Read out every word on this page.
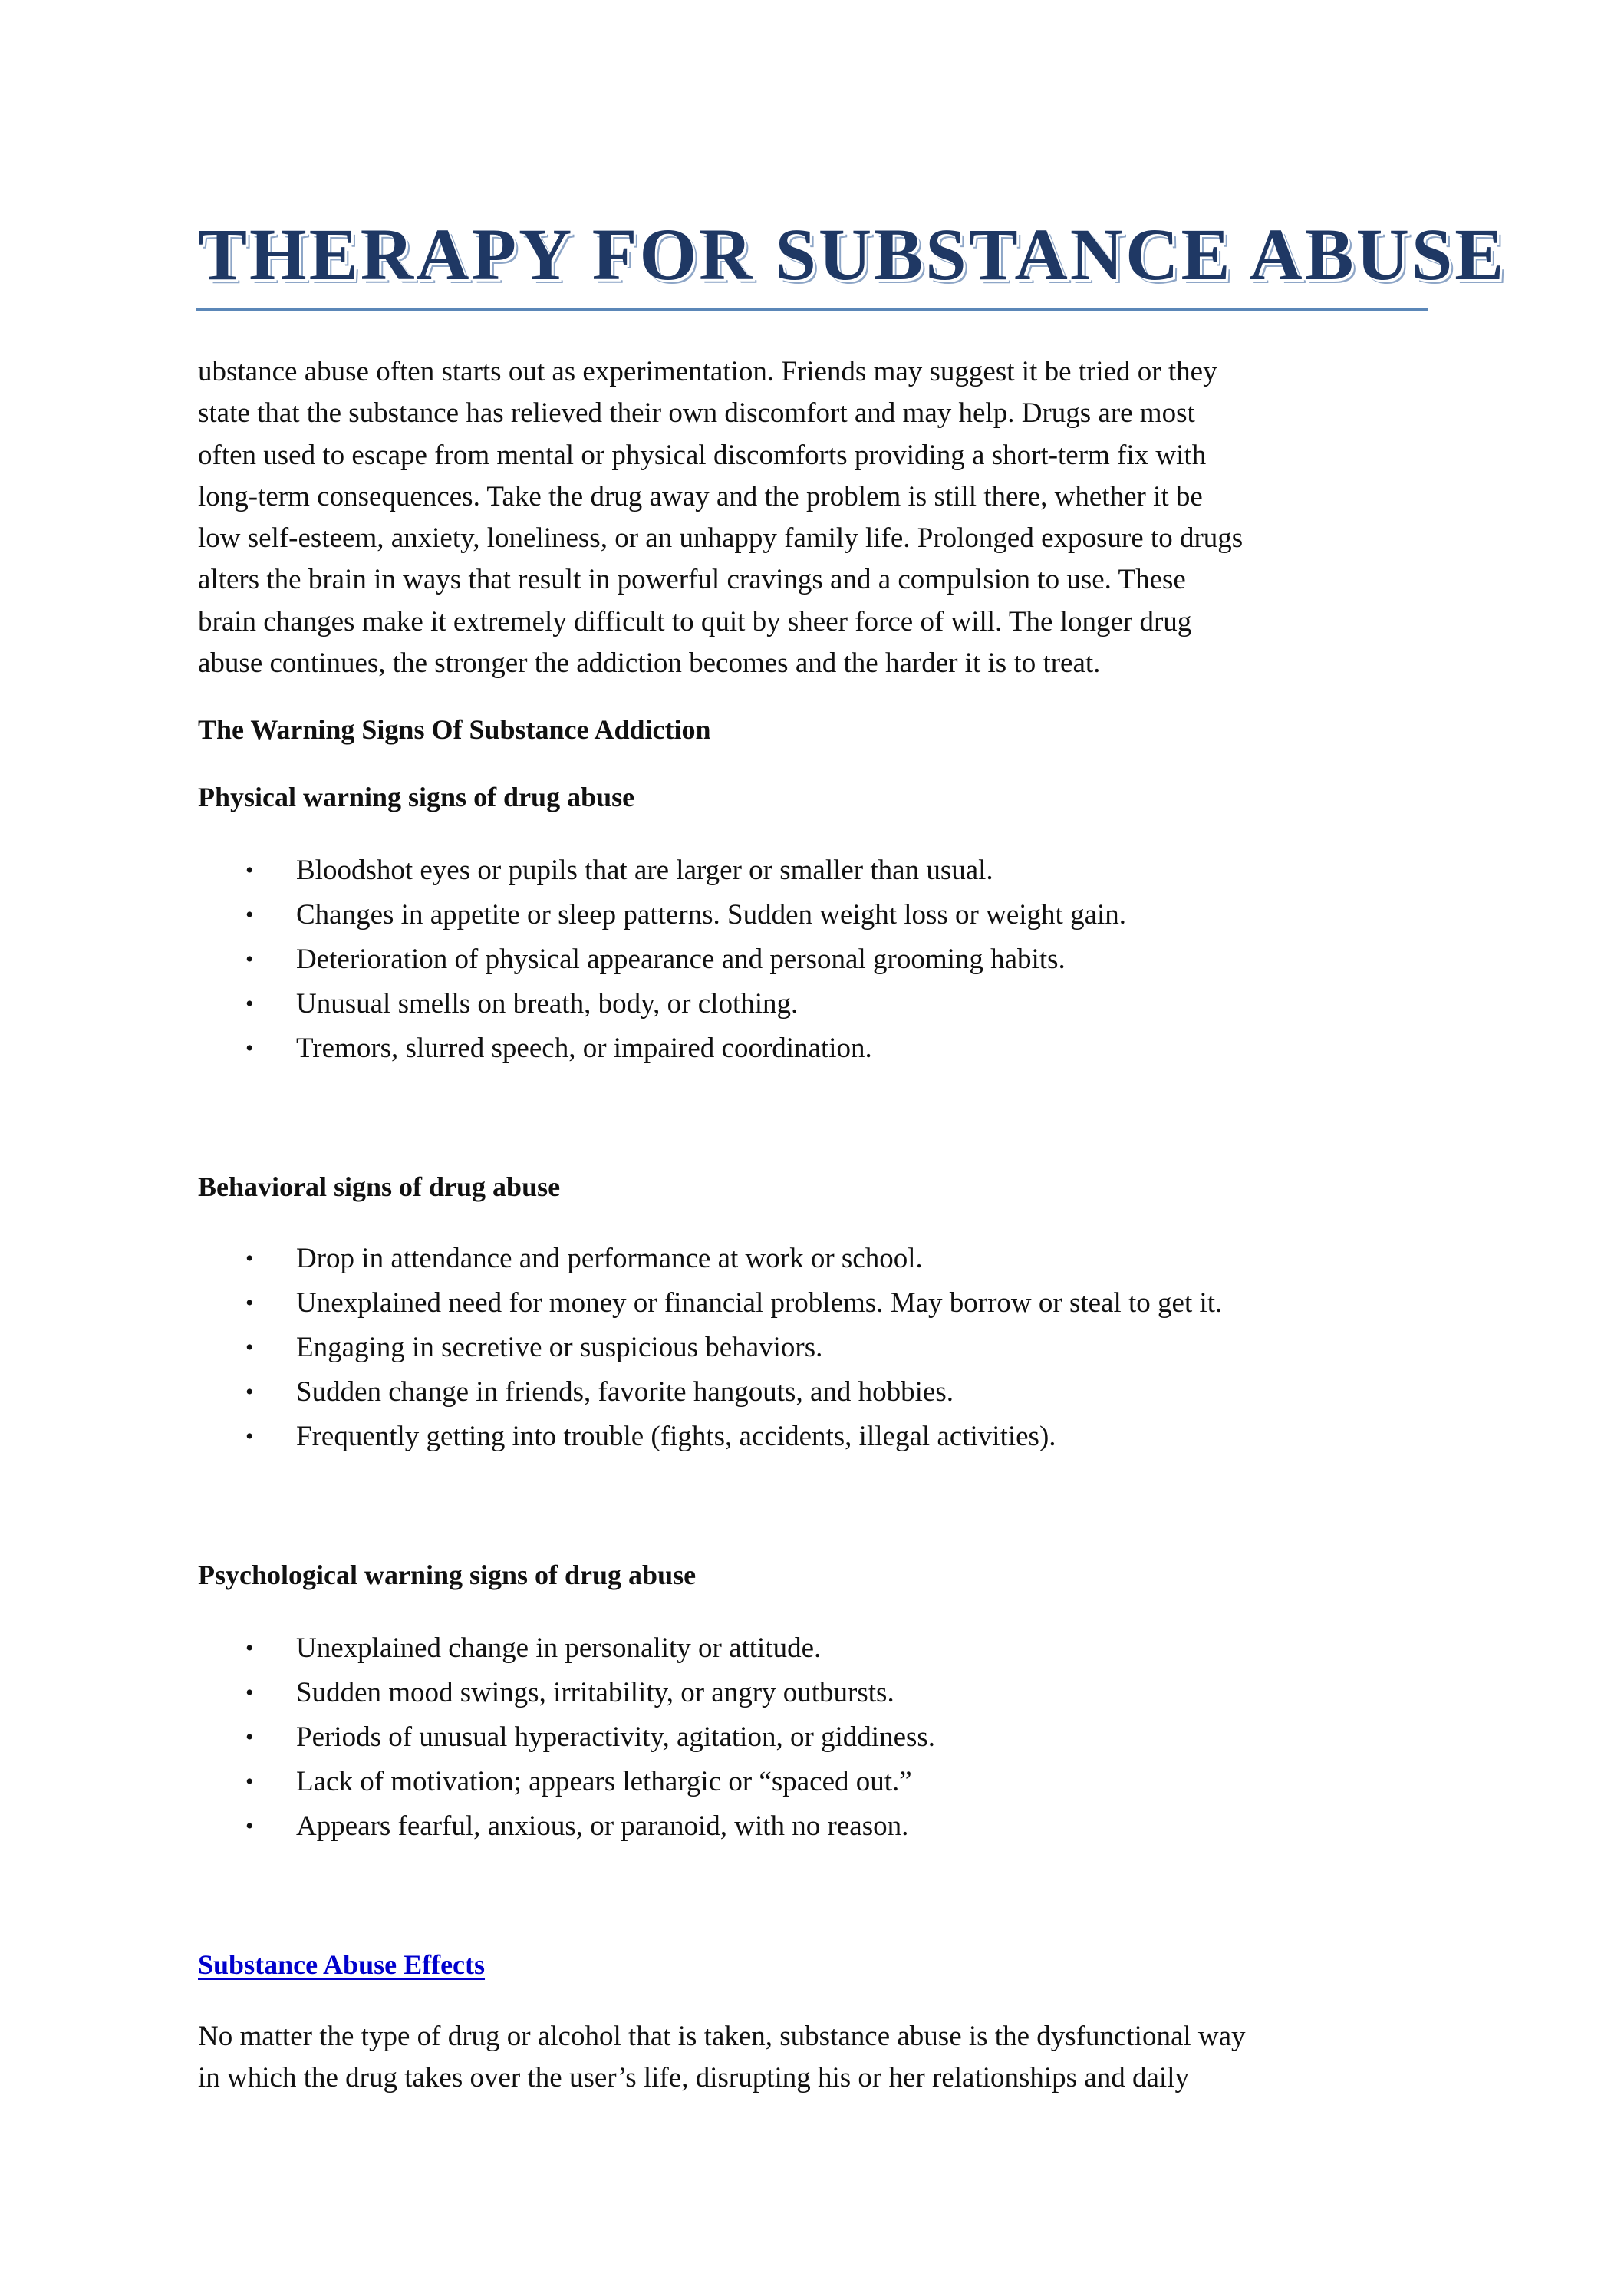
THERAPY FOR SUBSTANCE ABUSE
ubstance abuse often starts out as experimentation. Friends may suggest it be tried or they
state that the substance has relieved their own discomfort and may help. Drugs are most
often used to escape from mental or physical discomforts providing a short-term fix with
long-term consequences. Take the drug away and the problem is still there, whether it be
low self-esteem, anxiety, loneliness, or an unhappy family life. Prolonged exposure to drugs
alters the brain in ways that result in powerful cravings and a compulsion to use. These
brain changes make it extremely difficult to quit by sheer force of will. The longer drug
abuse continues, the stronger the addiction becomes and the harder it is to treat.
The Warning Signs Of Substance Addiction
Physical warning signs of drug abuse
• Bloodshot eyes or pupils that are larger or smaller than usual.
• Changes in appetite or sleep patterns. Sudden weight loss or weight gain.
• Deterioration of physical appearance and personal grooming habits.
• Unusual smells on breath, body, or clothing.
• Tremors, slurred speech, or impaired coordination.
Behavioral signs of drug abuse
• Drop in attendance and performance at work or school.
• Unexplained need for money or financial problems. May borrow or steal to get it.
• Engaging in secretive or suspicious behaviors.
• Sudden change in friends, favorite hangouts, and hobbies.
• Frequently getting into trouble (fights, accidents, illegal activities).
Psychological warning signs of drug abuse
• Unexplained change in personality or attitude.
• Sudden mood swings, irritability, or angry outbursts.
• Periods of unusual hyperactivity, agitation, or giddiness.
• Lack of motivation; appears lethargic or “spaced out.”
• Appears fearful, anxious, or paranoid, with no reason.
Substance Abuse Effects
No matter the type of drug or alcohol that is taken, substance abuse is the dysfunctional way
in which the drug takes over the user’s life, disrupting his or her relationships and daily
